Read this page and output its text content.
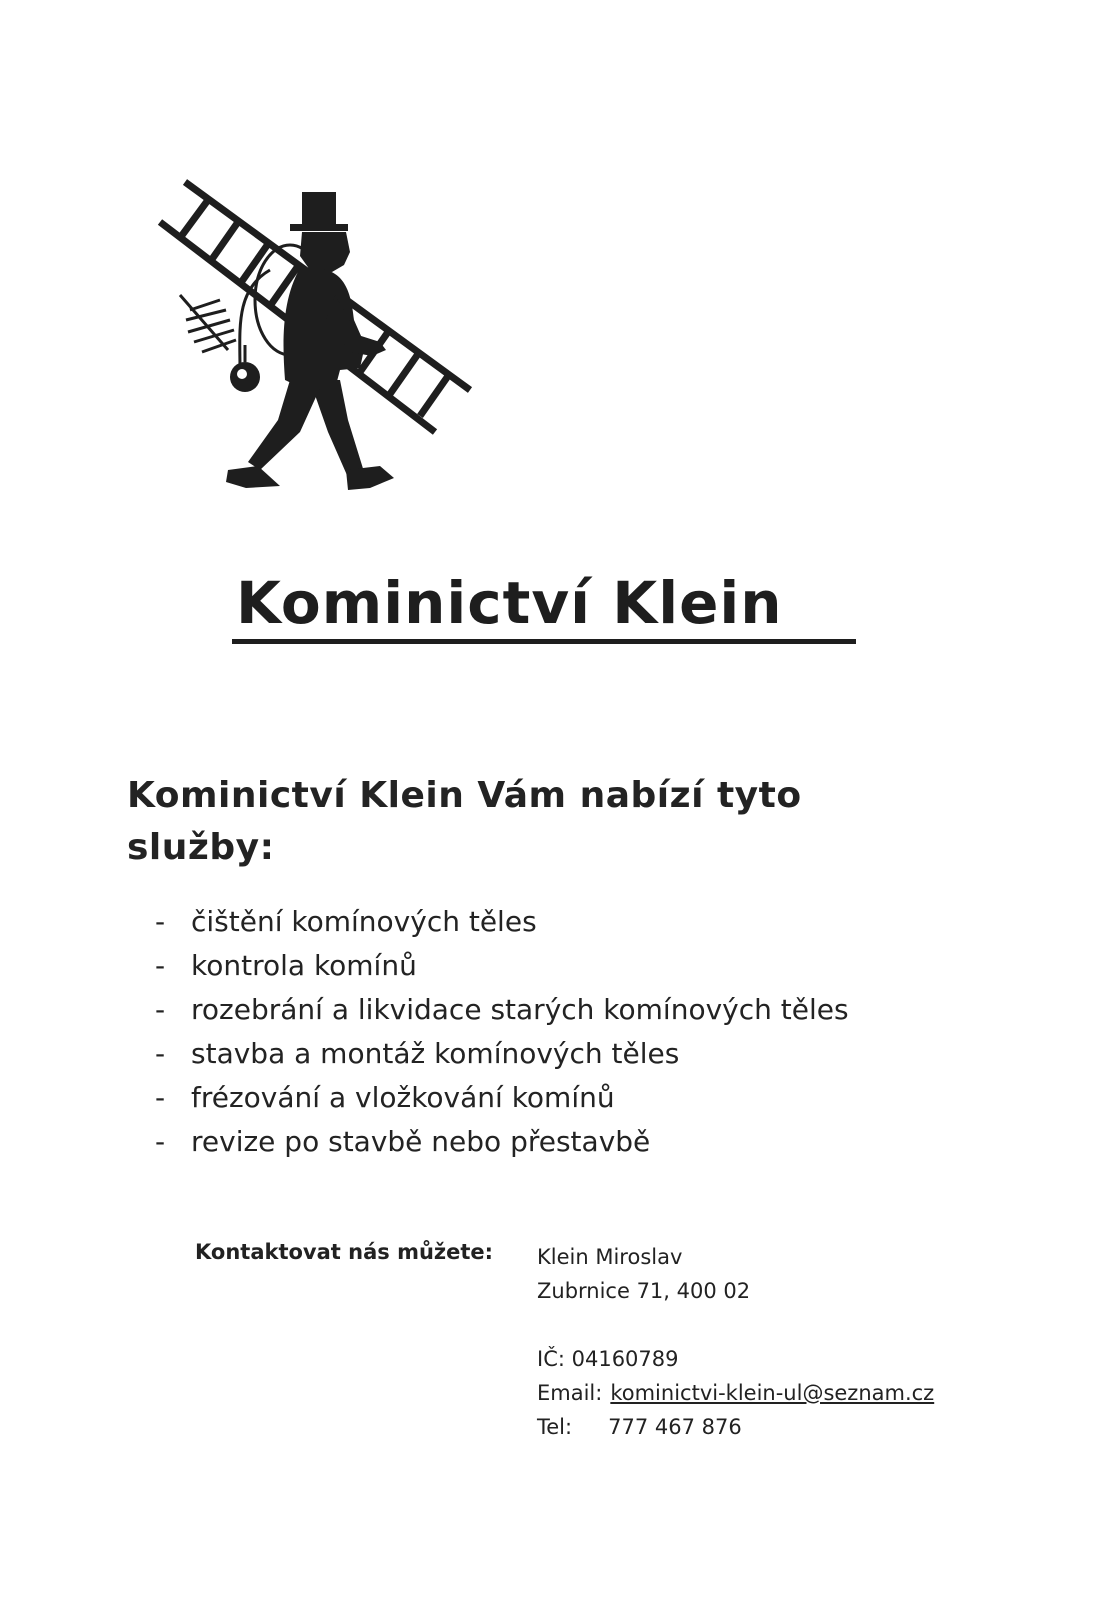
Kominictví Klein
Kominictví Klein Vám nabízí tyto služby:
- čištění komínových těles
- kontrola komínů
- rozebrání a likvidace starých komínových těles
- stavba a montáž komínových těles
- frézování a vložkování komínů
- revize po stavbě nebo přestavbě
Kontaktovat nás můžete: Klein Miroslav
Zubrnice 71, 400 02
IČ: 04160789
Email: kominictvi-klein-ul@seznam.cz
Tel: 777 467 876
